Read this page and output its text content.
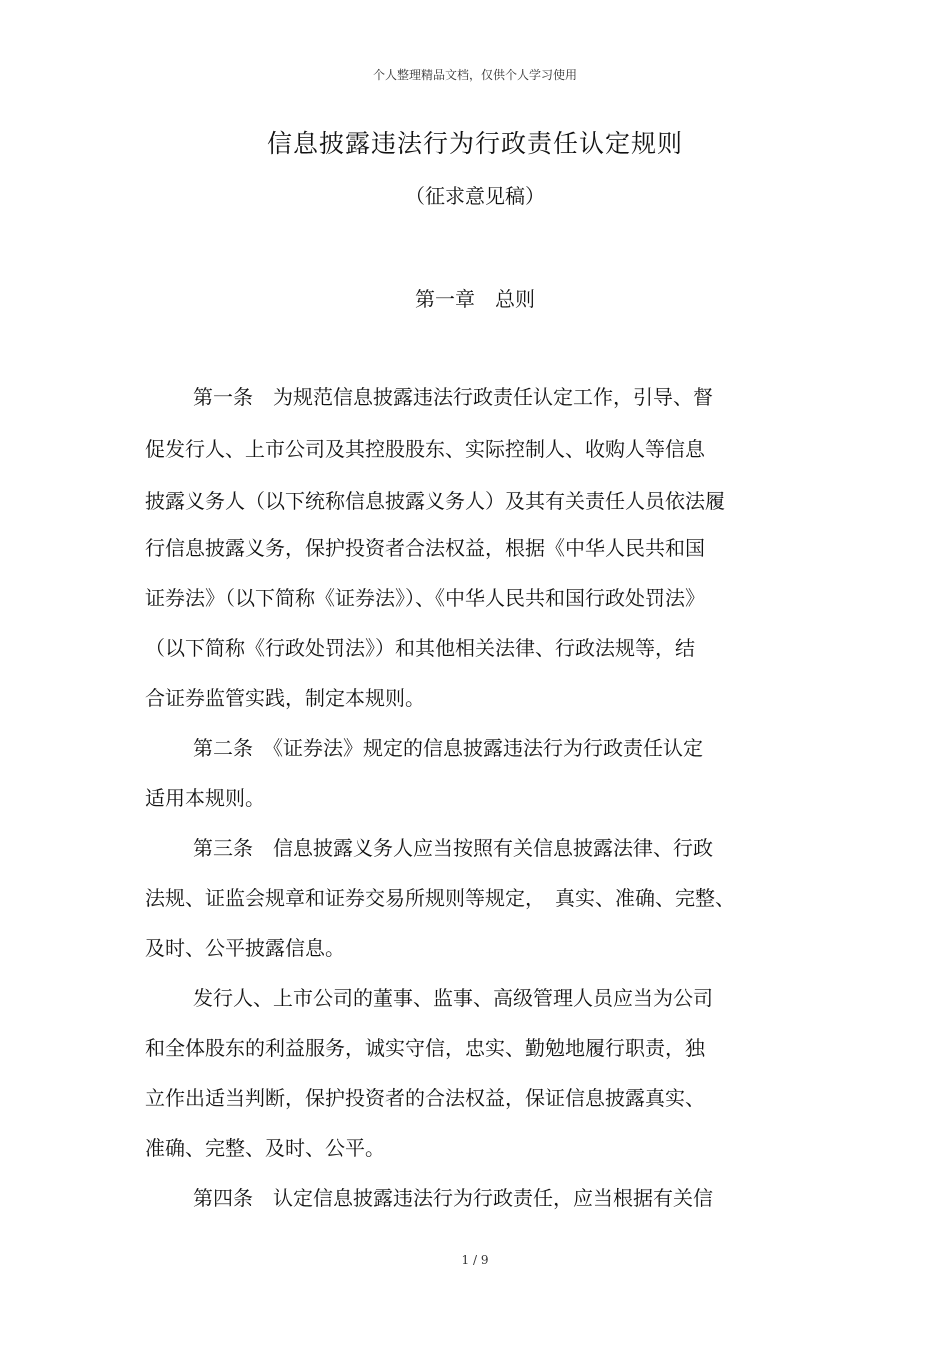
个人整理精品文档，仅供个人学习使用
信息披露违法行为行政责任认定规则
（征求意见稿）
第一章　总则
第一条　为规范信息披露违法行政责任认定工作，引导、督
促发行人、上市公司及其控股股东、实际控制人、收购人等信息
披露义务人（以下统称信息披露义务人）及其有关责任人员依法履
行信息披露义务，保护投资者合法权益，根据《中华人民共和国
证券法》（以下简称《证券法》）、《中华人民共和国行政处罚法》
（以下简称《行政处罚法》）和其他相关法律、行政法规等，结
合证券监管实践，制定本规则。
第二条　《证券法》规定的信息披露违法行为行政责任认定
适用本规则。
第三条　信息披露义务人应当按照有关信息披露法律、行政
法规、证监会规章和证券交易所规则等规定，　真实、准确、完整、
及时、公平披露信息。
发行人、上市公司的董事、监事、高级管理人员应当为公司
和全体股东的利益服务，诚实守信，忠实、勤勉地履行职责，独
立作出适当判断，保护投资者的合法权益，保证信息披露真实、
准确、完整、及时、公平。
第四条　认定信息披露违法行为行政责任，应当根据有关信
1 / 9
